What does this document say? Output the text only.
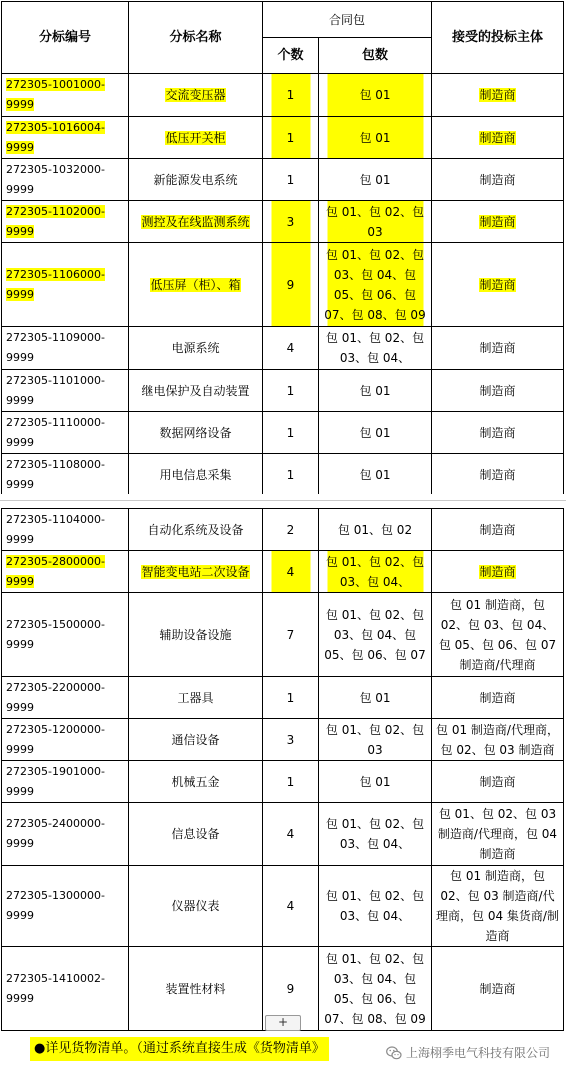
分标编号	分标名称	合同包		接受的投标主体
		个数	包数	
272305-1001000-9999	交流变压器	1	包 01	制造商
272305-1016004-9999	低压开关柜	1	包 01	制造商
272305-1032000-9999	新能源发电系统	1	包 01	制造商
272305-1102000-9999	测控及在线监测系统	3	包 01、包 02、包 03	制造商
272305-1106000-9999	低压屏（柜）、箱	9	包 01、包 02、包 03、包 04、包 05、包 06、包 07、包 08、包 09	制造商
272305-1109000-9999	电源系统	4	包 01、包 02、包 03、包 04、	制造商
272305-1101000-9999	继电保护及自动装置	1	包 01	制造商
272305-1110000-9999	数据网络设备	1	包 01	制造商
272305-1108000-9999	用电信息采集	1	包 01	制造商
272305-1104000-9999	自动化系统及设备	2	包 01、包 02	制造商
272305-2800000-9999	智能变电站二次设备	4	包 01、包 02、包 03、包 04、	制造商
272305-1500000-9999	辅助设备设施	7	包 01、包 02、包 03、包 04、包 05、包 06、包 07	包 01 制造商，包 02、包 03、包 04、包 05、包 06、包 07 制造商/代理商
272305-2200000-9999	工器具	1	包 01	制造商
272305-1200000-9999	通信设备	3	包 01、包 02、包 03	包 01 制造商/代理商，包 02、包 03 制造商
272305-1901000-9999	机械五金	1	包 01	制造商
272305-2400000-9999	信息设备	4	包 01、包 02、包 03、包 04、	包 01、包 02、包 03 制造商/代理商，包 04 制造商
272305-1300000-9999	仪器仪表	4	包 01、包 02、包 03、包 04、	包 01 制造商，包 02、包 03 制造商/代理商，包 04 集货商/制造商
272305-1410002-9999	装置性材料	9	包 01、包 02、包 03、包 04、包 05、包 06、包 07、包 08、包 09	制造商
+
●详见货物清单。（通过系统直接生成《货物清单》	上海栩季电气科技有限公司
